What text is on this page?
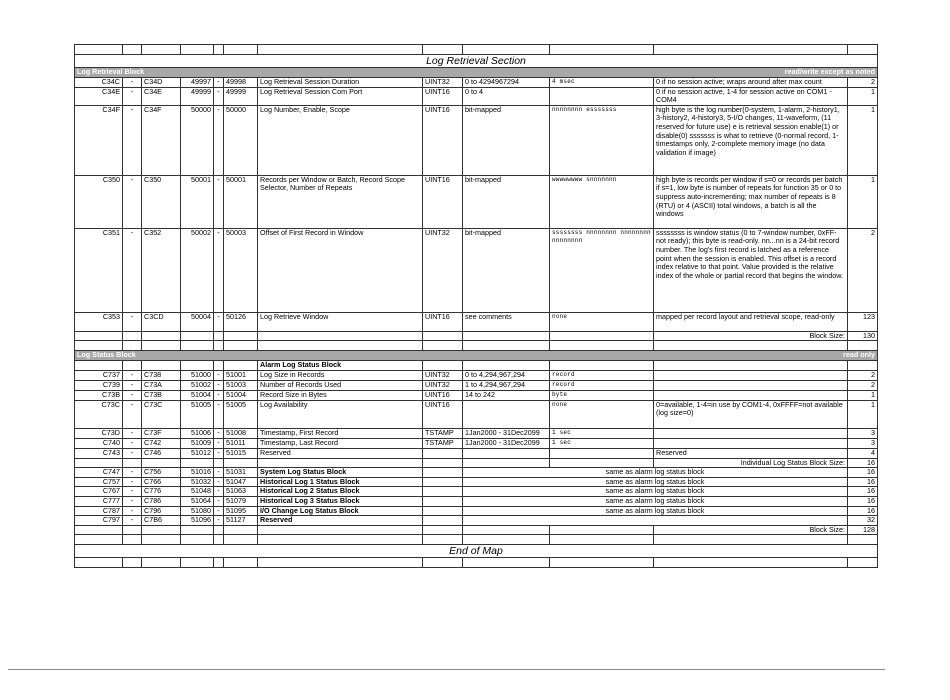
Log Retrieval Section											

Log Retrieval Block read/write except as noted											

C34C	-	C34D	49997	-	49998	Log Retrieval Session Duration	UINT32	0 to 4294967294	4 msec	0 if no session active; wraps around after max count	2
C34E	-	C34E	49999	-	49999	Log Retrieval Session Com Port	UINT16	0 to 4		0 if no session active, 1-4 for session active on COM1 - COM4	1
C34F	-	C34F	50000	-	50000	Log Number, Enable, Scope	UINT16	bit-mapped	nnnnnnnn esssssss	high byte is the log number(0-system, 1-alarm, 2-history1, 3-history2, 4-history3, 5-I/O changes, 11-waveform, (11 reserved for future use) e is retrieval session enable(1) or disable(0) sssssss is what to retrieve (0-normal record, 1-timestamps only, 2-complete memory image (no data validation if image)	1
C350	-	C350	50001	-	50001	Records per Window or Batch, Record Scope Selector, Number of Repeats	UINT16	bit-mapped	wwwwwwww snnnnnnn	high byte is records per window if s=0 or records per batch if s=1, low byte is number of repeats for function 35 or 0 to suppress auto-incrementing; max number of repeats is 8 (RTU) or 4 (ASCII) total windows, a batch is all the windows	1
C351	-	C352	50002	-	50003	Offset of First Record in Window	UINT32	bit-mapped	ssssssss nnnnnnnn nnnnnnnn nnnnnnnn	ssssssss is window status (0 to 7-window number, 0xFF-not ready); this byte is read-only. nn...nn is a 24-bit record number. The log's first record is latched as a reference point when the session is enabled. This offset is a record index relative to that point. Value provided is the relative index of the whole or partial record that begins the window.	2
C353	-	C3CD	50004	-	50126	Log Retrieve Window	UINT16	see comments	none	mapped per record layout and retrieval scope, read-only	123
										Block Size:	130

Log Status Block read only											

						Alarm Log Status Block					
C737	-	C738	51000	-	51001	Log Size in Records	UINT32	0 to 4,294,967,294	record		2
C739	-	C73A	51002	-	51003	Number of Records Used	UINT32	1 to 4,294,967,294	record		2
C73B	-	C73B	51004	-	51004	Record Size in Bytes	UINT16	14 to 242	byte		1
C73C	-	C73C	51005	-	51005	Log Availability	UINT16		none	0=available, 1-4=in use by COM1-4, 0xFFFF=not available (log size=0)	1
C73D	-	C73F	51006	-	51008	Timestamp, First Record	TSTAMP	1Jan2000 - 31Dec2099	1 sec		3
C740	-	C742	51009	-	51011	Timestamp, Last Record	TSTAMP	1Jan2000 - 31Dec2099	1 sec		3
C743	-	C746	51012	-	51015	Reserved				Reserved	4
										Individual Log Status Block Size:	16
C747	-	C756	51016	-	51031	System Log Status Block		same as alarm log status block			16
C757	-	C766	51032	-	51047	Historical Log 1 Status Block		same as alarm log status block			16
C767	-	C776	51048	-	51063	Historical Log 2 Status Block		same as alarm log status block			16
C777	-	C786	51064	-	51079	Historical Log 3 Status Block		same as alarm log status block			16
C787	-	C796	51080	-	51095	I/O Change Log Status Block		same as alarm log status block			16
C797	-	C7B6	51096	-	51127	Reserved					32
										Block Size:	128

End of Map											
